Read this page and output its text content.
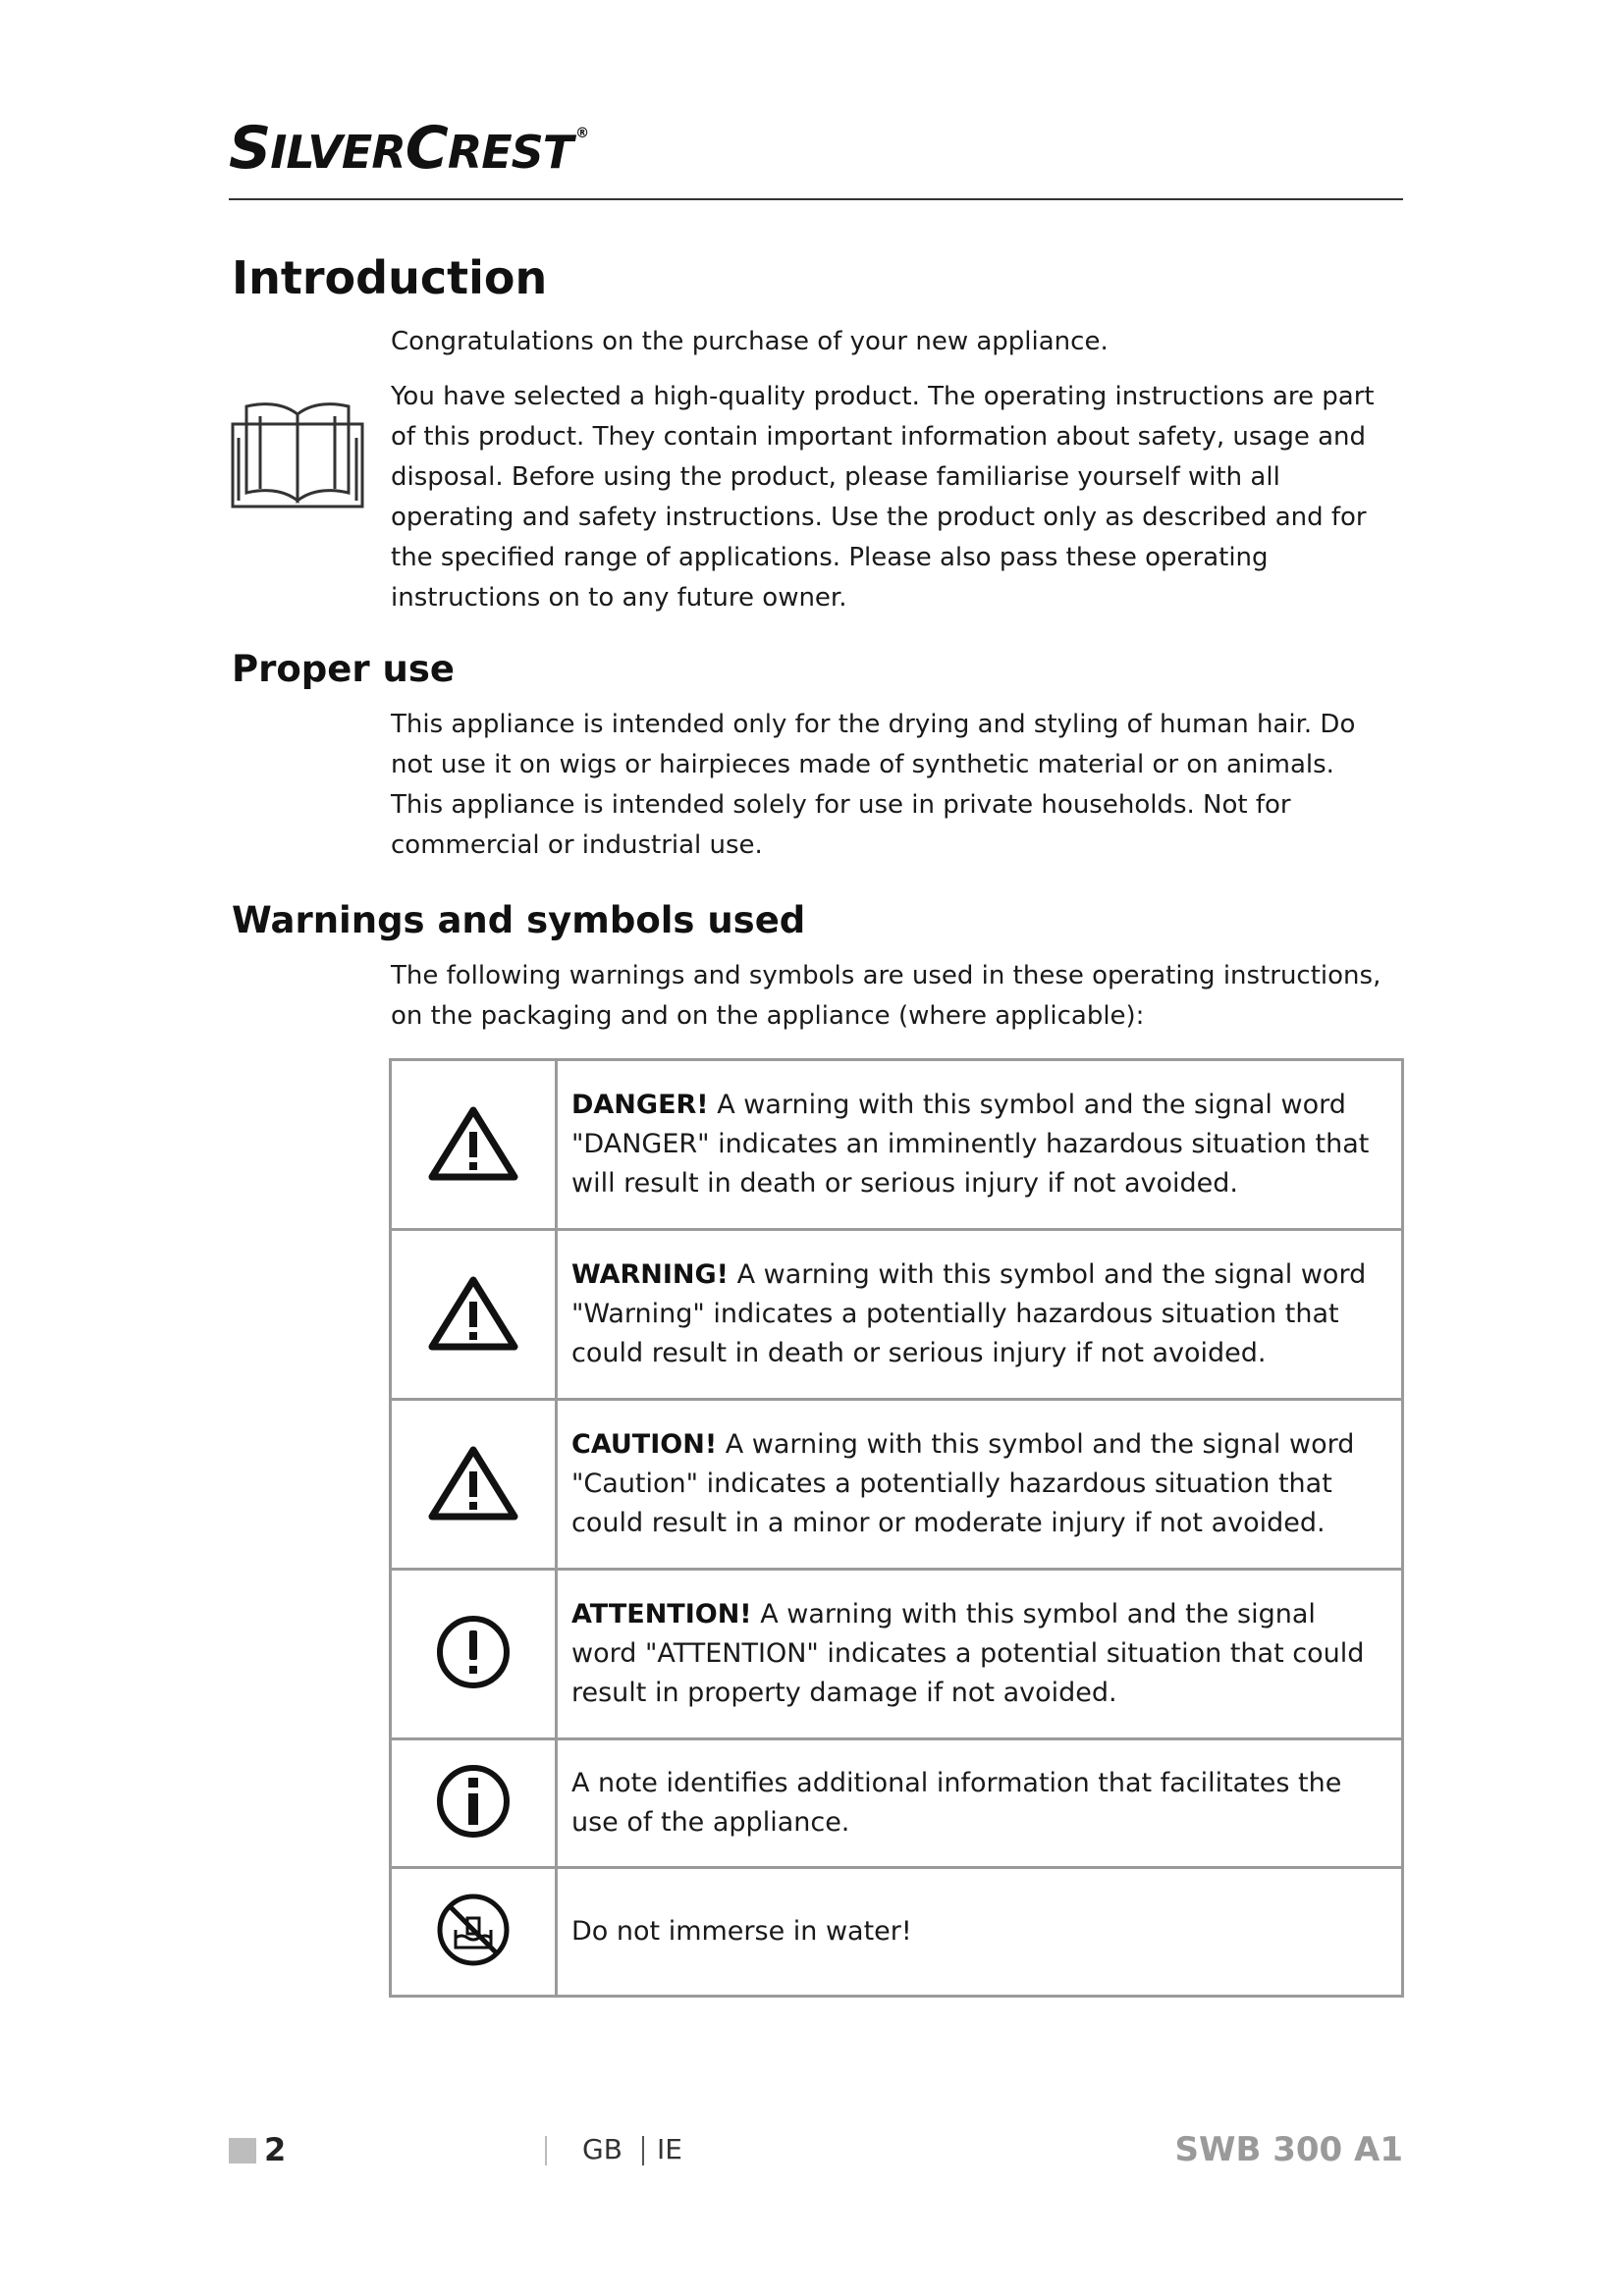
SILVERCREST ®
Introduction

Congratulations on the purchase of your new appliance.

You have selected a high-quality product. The operating instructions are part of this product. They contain important information about safety, usage and disposal. Before using the product, please familiarise yourself with all operating and safety instructions. Use the product only as described and for the specified range of applications. Please also pass these operating instructions on to any future owner.

Proper use

This appliance is intended only for the drying and styling of human hair. Do not use it on wigs or hairpieces made of synthetic material or on animals. This appliance is intended solely for use in private households. Not for commercial or industrial use.

Warnings and symbols used

The following warnings and symbols are used in these operating instructions, on the packaging and on the appliance (where applicable):

	DANGER! A warning with this symbol and the signal word "DANGER" indicates an imminently hazardous situation that will result in death or serious injury if not avoided.
	WARNING! A warning with this symbol and the signal word "Warning" indicates a potentially hazardous situation that could result in death or serious injury if not avoided.
	CAUTION! A warning with this symbol and the signal word "Caution" indicates a potentially hazardous situation that could result in a minor or moderate injury if not avoided.
	ATTENTION! A warning with this symbol and the signal word "ATTENTION" indicates a potential situation that could result in property damage if not avoided.
	A note identifies additional information that facilitates the use of the appliance.
	Do not immerse in water!
2	GB IE	SWB 300 A1
